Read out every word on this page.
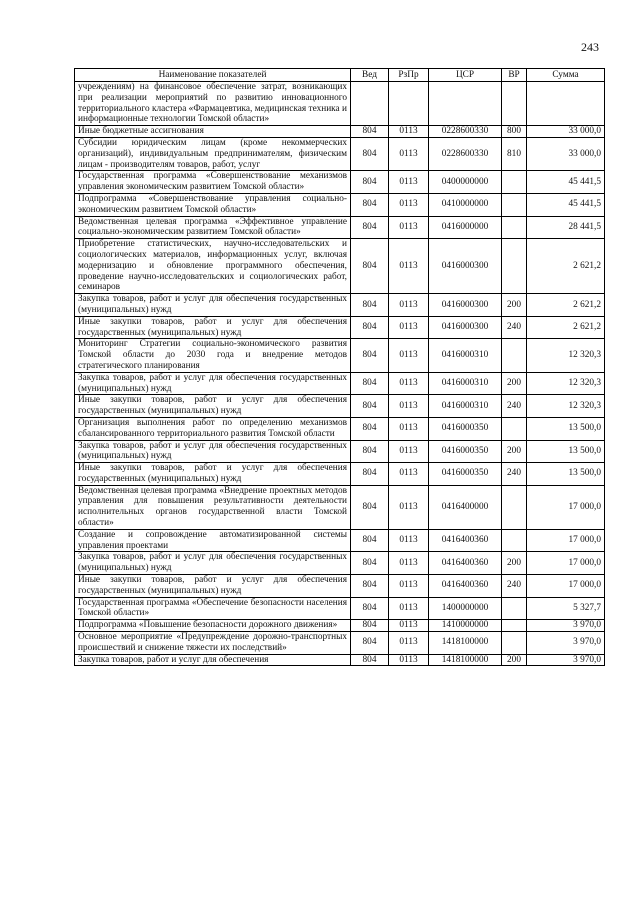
243
Наименование показателей	Вед	РзПр	ЦСР	ВР	Сумма
учреждениям) на финансовое обеспечение затрат, возникающих при реализации мероприятий по развитию инновационного территориального кластера «Фармацевтика, медицинская техника и информационные технологии Томской области»					
Иные бюджетные ассигнования	804	0113	0228600330	800	33 000,0
Субсидии юридическим лицам (кроме некоммерческих организаций), индивидуальным предпринимателям, физическим лицам - производителям товаров, работ, услуг	804	0113	0228600330	810	33 000,0
Государственная программа «Совершенствование механизмов управления экономическим развитием Томской области»	804	0113	0400000000		45 441,5
Подпрограмма «Совершенствование управления социально-экономическим развитием Томской области»	804	0113	0410000000		45 441,5
Ведомственная целевая программа «Эффективное управление социально-экономическим развитием Томской области»	804	0113	0416000000		28 441,5
Приобретение статистических, научно-исследовательских и социологических материалов, информационных услуг, включая модернизацию и обновление программного обеспечения, проведение научно-исследовательских и социологических работ, семинаров	804	0113	0416000300		2 621,2
Закупка товаров, работ и услуг для обеспечения государственных (муниципальных) нужд	804	0113	0416000300	200	2 621,2
Иные закупки товаров, работ и услуг для обеспечения государственных (муниципальных) нужд	804	0113	0416000300	240	2 621,2
Мониторинг Стратегии социально-экономического развития Томской области до 2030 года и внедрение методов стратегического планирования	804	0113	0416000310		12 320,3
Закупка товаров, работ и услуг для обеспечения государственных (муниципальных) нужд	804	0113	0416000310	200	12 320,3
Иные закупки товаров, работ и услуг для обеспечения государственных (муниципальных) нужд	804	0113	0416000310	240	12 320,3
Организация выполнения работ по определению механизмов сбалансированного территориального развития Томской области	804	0113	0416000350		13 500,0
Закупка товаров, работ и услуг для обеспечения государственных (муниципальных) нужд	804	0113	0416000350	200	13 500,0
Иные закупки товаров, работ и услуг для обеспечения государственных (муниципальных) нужд	804	0113	0416000350	240	13 500,0
Ведомственная целевая программа «Внедрение проектных методов управления для повышения результативности деятельности исполнительных органов государственной власти Томской области»	804	0113	0416400000		17 000,0
Создание и сопровождение автоматизированной системы управления проектами	804	0113	0416400360		17 000,0
Закупка товаров, работ и услуг для обеспечения государственных (муниципальных) нужд	804	0113	0416400360	200	17 000,0
Иные закупки товаров, работ и услуг для обеспечения государственных (муниципальных) нужд	804	0113	0416400360	240	17 000,0
Государственная программа «Обеспечение безопасности населения Томской области»	804	0113	1400000000		5 327,7
Подпрограмма «Повышение безопасности дорожного движения»	804	0113	1410000000		3 970,0
Основное мероприятие «Предупреждение дорожно-транспортных происшествий и снижение тяжести их последствий»	804	0113	1418100000		3 970,0
Закупка товаров, работ и услуг для обеспечения	804	0113	1418100000	200	3 970,0
